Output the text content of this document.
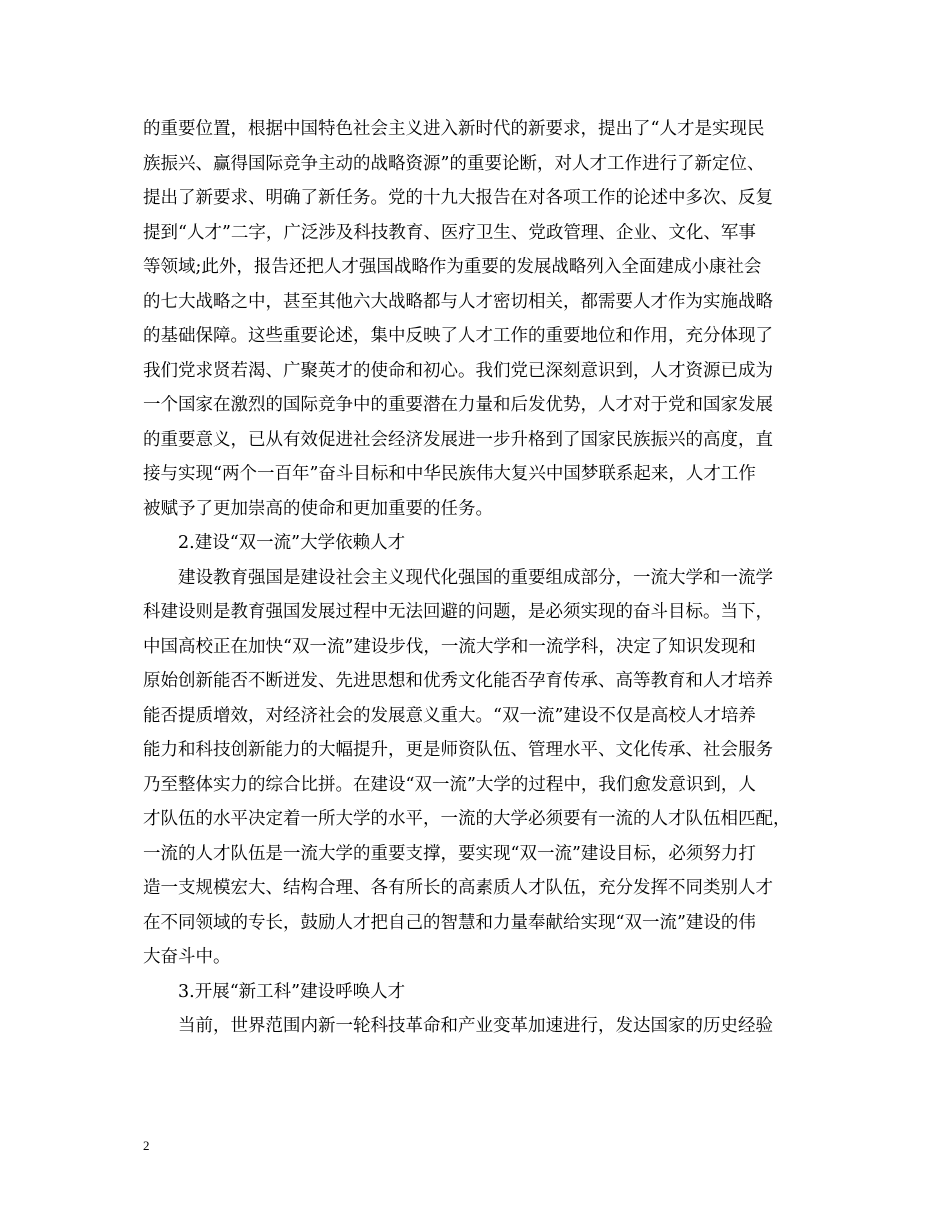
的重要位置，根据中国特色社会主义进入新时代的新要求，提出了“人才是实现民
族振兴、赢得国际竞争主动的战略资源”的重要论断，对人才工作进行了新定位、
提出了新要求、明确了新任务。党的十九大报告在对各项工作的论述中多次、反复
提到“人才”二字，广泛涉及科技教育、医疗卫生、党政管理、企业、文化、军事
等领域;此外，报告还把人才强国战略作为重要的发展战略列入全面建成小康社会
的七大战略之中，甚至其他六大战略都与人才密切相关，都需要人才作为实施战略
的基础保障。这些重要论述，集中反映了人才工作的重要地位和作用，充分体现了
我们党求贤若渴、广聚英才的使命和初心。我们党已深刻意识到，人才资源已成为
一个国家在激烈的国际竞争中的重要潜在力量和后发优势，人才对于党和国家发展
的重要意义，已从有效促进社会经济发展进一步升格到了国家民族振兴的高度，直
接与实现“两个一百年”奋斗目标和中华民族伟大复兴中国梦联系起来，人才工作
被赋予了更加崇高的使命和更加重要的任务。
2.建设“双一流”大学依赖人才
建设教育强国是建设社会主义现代化强国的重要组成部分，一流大学和一流学
科建设则是教育强国发展过程中无法回避的问题，是必须实现的奋斗目标。当下，
中国高校正在加快“双一流”建设步伐，一流大学和一流学科，决定了知识发现和
原始创新能否不断迸发、先进思想和优秀文化能否孕育传承、高等教育和人才培养
能否提质增效，对经济社会的发展意义重大。“双一流”建设不仅是高校人才培养
能力和科技创新能力的大幅提升，更是师资队伍、管理水平、文化传承、社会服务
乃至整体实力的综合比拼。在建设“双一流”大学的过程中，我们愈发意识到，人
才队伍的水平决定着一所大学的水平，一流的大学必须要有一流的人才队伍相匹配，
一流的人才队伍是一流大学的重要支撑，要实现“双一流”建设目标，必须努力打
造一支规模宏大、结构合理、各有所长的高素质人才队伍，充分发挥不同类别人才
在不同领域的专长，鼓励人才把自己的智慧和力量奉献给实现“双一流”建设的伟
大奋斗中。
3.开展“新工科”建设呼唤人才
当前，世界范围内新一轮科技革命和产业变革加速进行，发达国家的历史经验
2
